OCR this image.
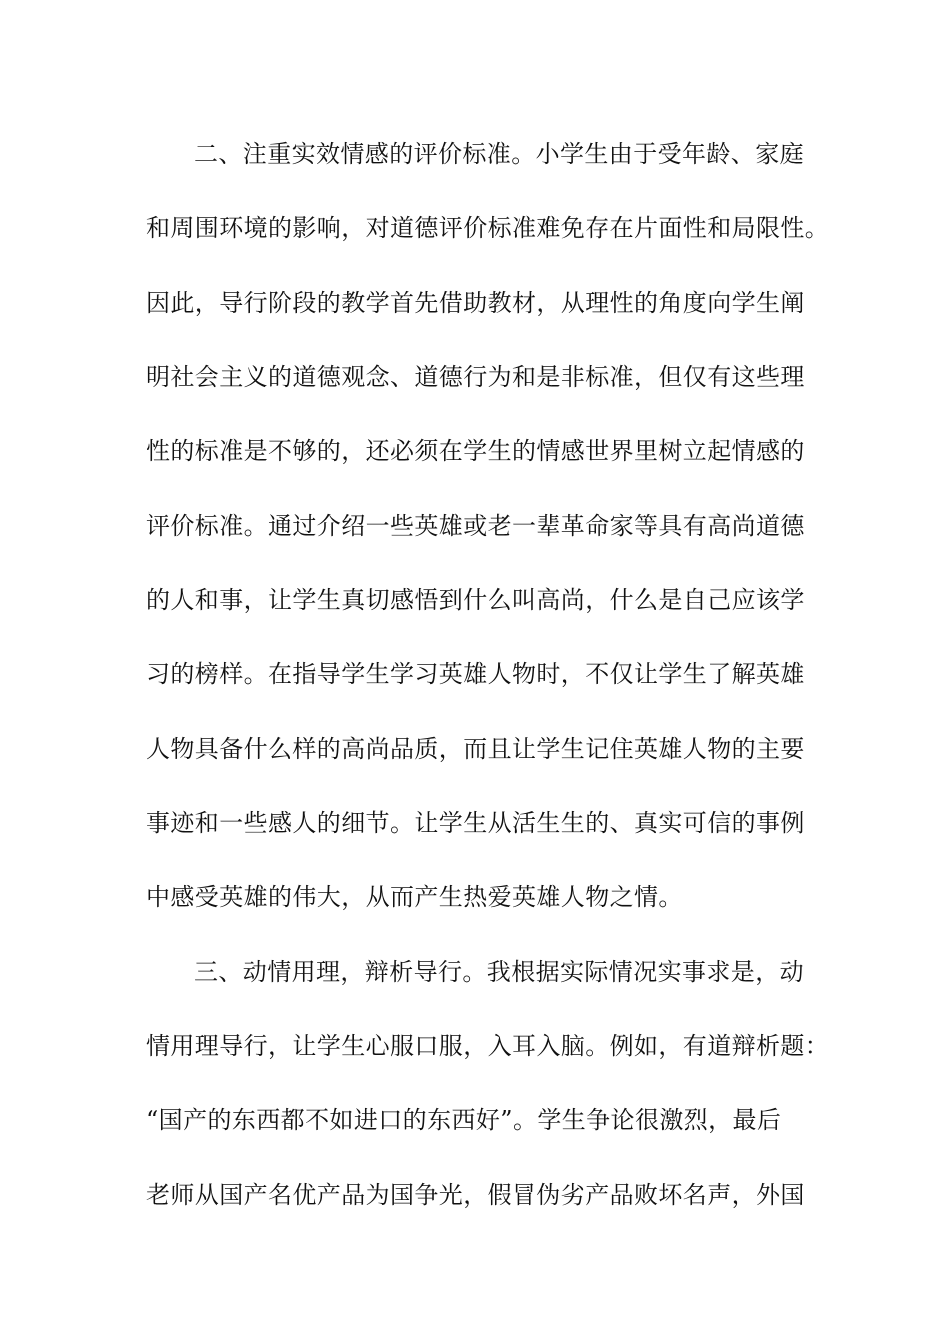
二、注重实效情感的评价标准。小学生由于受年龄、家庭
和周围环境的影响，对道德评价标准难免存在片面性和局限性。
因此，导行阶段的教学首先借助教材，从理性的角度向学生阐
明社会主义的道德观念、道德行为和是非标准，但仅有这些理
性的标准是不够的，还必须在学生的情感世界里树立起情感的
评价标准。通过介绍一些英雄或老一辈革命家等具有高尚道德
的人和事，让学生真切感悟到什么叫高尚，什么是自己应该学
习的榜样。在指导学生学习英雄人物时，不仅让学生了解英雄
人物具备什么样的高尚品质，而且让学生记住英雄人物的主要
事迹和一些感人的细节。让学生从活生生的、真实可信的事例
中感受英雄的伟大，从而产生热爱英雄人物之情。
三、动情用理，辩析导行。我根据实际情况实事求是，动
情用理导行，让学生心服口服，入耳入脑。例如，有道辩析题：
“国产的东西都不如进口的东西好”。学生争论很激烈，最后
老师从国产名优产品为国争光，假冒伪劣产品败坏名声，外国
